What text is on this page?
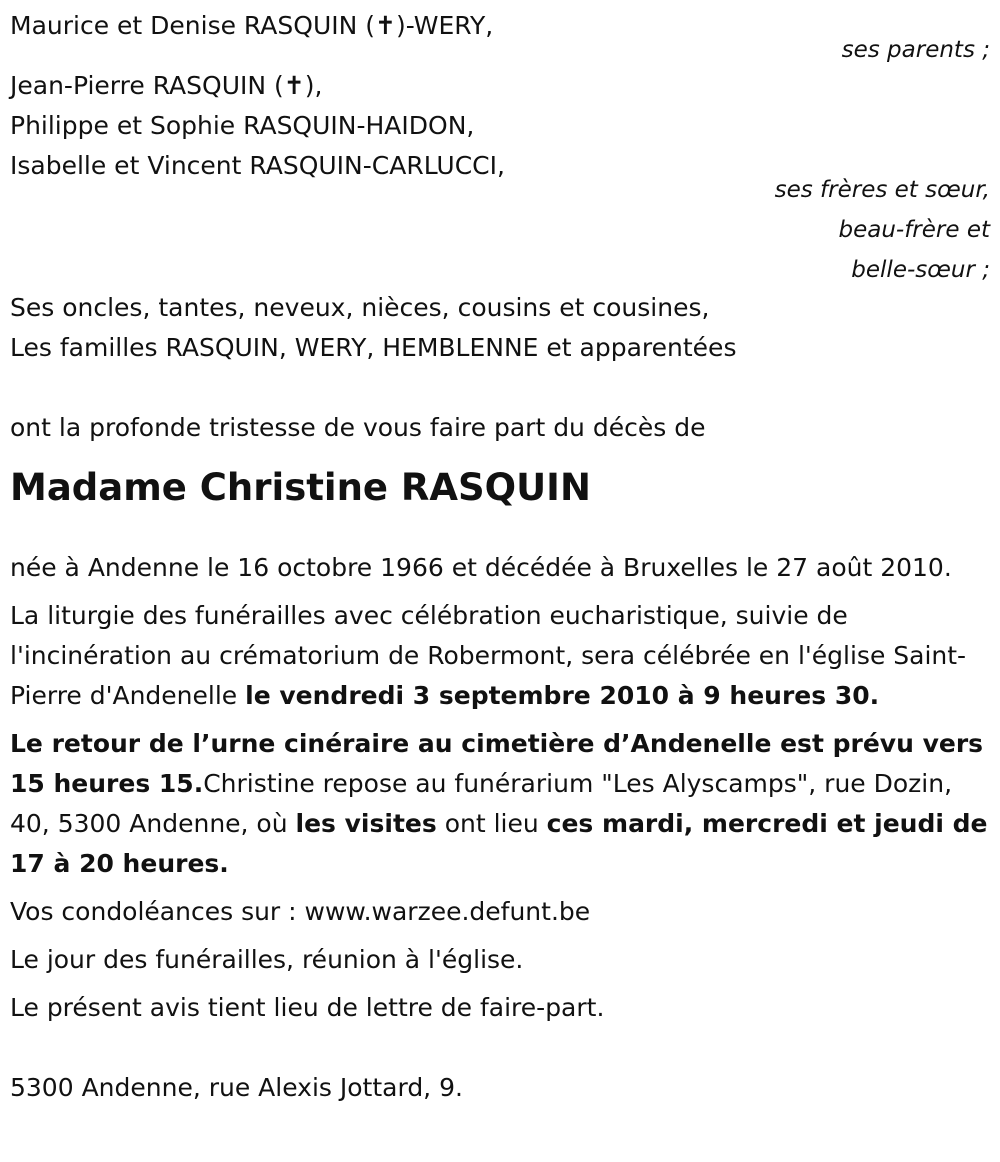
Maurice et Denise RASQUIN (✝)-WERY,
ses parents ;
Jean-Pierre RASQUIN (✝),
Philippe et Sophie RASQUIN-HAIDON,
Isabelle et Vincent RASQUIN-CARLUCCI,
ses frères et sœur,
beau-frère et
belle-sœur ;
Ses oncles, tantes, neveux, nièces, cousins et cousines,
Les familles RASQUIN, WERY, HEMBLENNE et apparentées
ont la profonde tristesse de vous faire part du décès de
Madame Christine RASQUIN
née à Andenne le 16 octobre 1966 et décédée à Bruxelles le 27 août 2010.
La liturgie des funérailles avec célébration eucharistique, suivie de l'incinération au crématorium de Robermont, sera célébrée en l'église Saint-Pierre d'Andenelle le vendredi 3 septembre 2010 à 9 heures 30.
Le retour de l’urne cinéraire au cimetière d’Andenelle est prévu vers 15 heures 15.Christine repose au funérarium "Les Alyscamps", rue Dozin, 40, 5300 Andenne, où les visites ont lieu ces mardi, mercredi et jeudi de 17 à 20 heures.
Vos condoléances sur : www.warzee.defunt.be
Le jour des funérailles, réunion à l'église.
Le présent avis tient lieu de lettre de faire-part.
5300 Andenne, rue Alexis Jottard, 9.
